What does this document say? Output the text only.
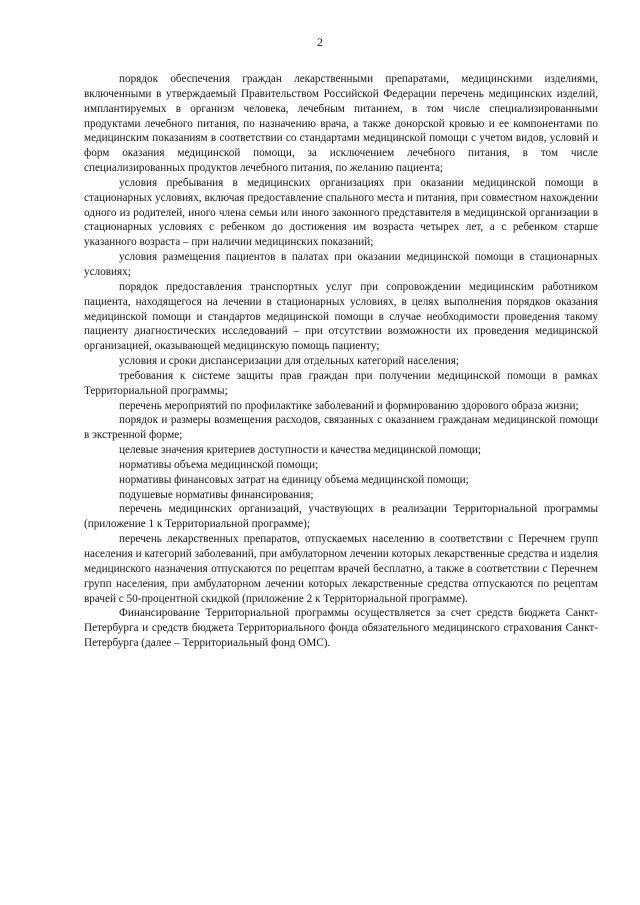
2

порядок обеспечения граждан лекарственными препаратами, медицинскими изделиями, включенными в утверждаемый Правительством Российской Федерации перечень медицинских изделий, имплантируемых в организм человека, лечебным питанием, в том числе специализированными продуктами лечебного питания, по назначению врача, а также донорской кровью и ее компонентами по медицинским показаниям в соответствии со стандартами медицинской помощи с учетом видов, условий и форм оказания медицинской помощи, за исключением лечебного питания, в том числе специализированных продуктов лечебного питания, по желанию пациента;

условия пребывания в медицинских организациях при оказании медицинской помощи в стационарных условиях, включая предоставление спального места и питания, при совместном нахождении одного из родителей, иного члена семьи или иного законного представителя в медицинской организации в стационарных условиях с ребенком до достижения им возраста четырех лет, а с ребенком старше указанного возраста – при наличии медицинских показаний;

условия размещения пациентов в палатах при оказании медицинской помощи в стационарных условиях;

порядок предоставления транспортных услуг при сопровождении медицинским работником пациента, находящегося на лечении в стационарных условиях, в целях выполнения порядков оказания медицинской помощи и стандартов медицинской помощи в случае необходимости проведения такому пациенту диагностических исследований – при отсутствии возможности их проведения медицинской организацией, оказывающей медицинскую помощь пациенту;

условия и сроки диспансеризации для отдельных категорий населения;

требования к системе защиты прав граждан при получении медицинской помощи в рамках Территориальной программы;

перечень мероприятий по профилактике заболеваний и формированию здорового образа жизни;

порядок и размеры возмещения расходов, связанных с оказанием гражданам медицинской помощи в экстренной форме;

целевые значения критериев доступности и качества медицинской помощи;

нормативы объема медицинской помощи;

нормативы финансовых затрат на единицу объема медицинской помощи;

подушевые нормативы финансирования;

перечень медицинских организаций, участвующих в реализации Территориальной программы (приложение 1 к Территориальной программе);

перечень лекарственных препаратов, отпускаемых населению в соответствии с Перечнем групп населения и категорий заболеваний, при амбулаторном лечении которых лекарственные средства и изделия медицинского назначения отпускаются по рецептам врачей бесплатно, а также в соответствии с Перечнем групп населения, при амбулаторном лечении которых лекарственные средства отпускаются по рецептам врачей с 50-процентной скидкой (приложение 2 к Территориальной программе).

Финансирование Территориальной программы осуществляется за счет средств бюджета Санкт-Петербурга и средств бюджета Территориального фонда обязательного медицинского страхования Санкт-Петербурга (далее – Территориальный фонд ОМС).
